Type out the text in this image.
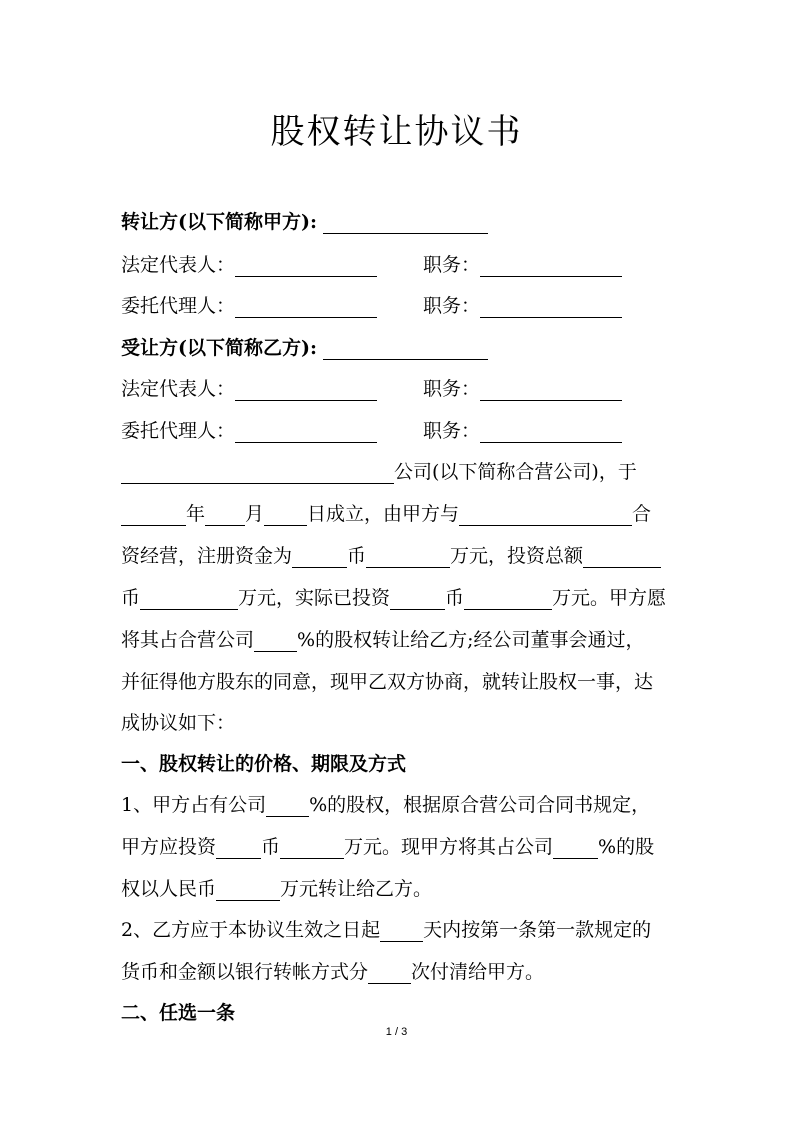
股权转让协议书
转让方(以下简称甲方):
法定代表人：	职务：
委托代理人：	职务：
受让方(以下简称乙方):
法定代表人：	职务：
委托代理人：	职务：
公司(以下简称合营公司)，于
年 月 日成立，由甲方与	合
资经营，注册资金为	币	万元，投资总额
币	万元，实际已投资	币	万元。甲方愿
将其占合营公司 %的股权转让给乙方;经公司董事会通过，
并征得他方股东的同意，现甲乙双方协商，就转让股权一事，达
成协议如下：
一、股权转让的价格、期限及方式
1、甲方占有公司 %的股权，根据原合营公司合同书规定，
甲方应投资 币	万元。现甲方将其占公司 %的股
权以人民币	万元转让给乙方。
2、乙方应于本协议生效之日起 天内按第一条第一款规定的
货币和金额以银行转帐方式分 次付清给甲方。
二、任选一条
1 / 3
